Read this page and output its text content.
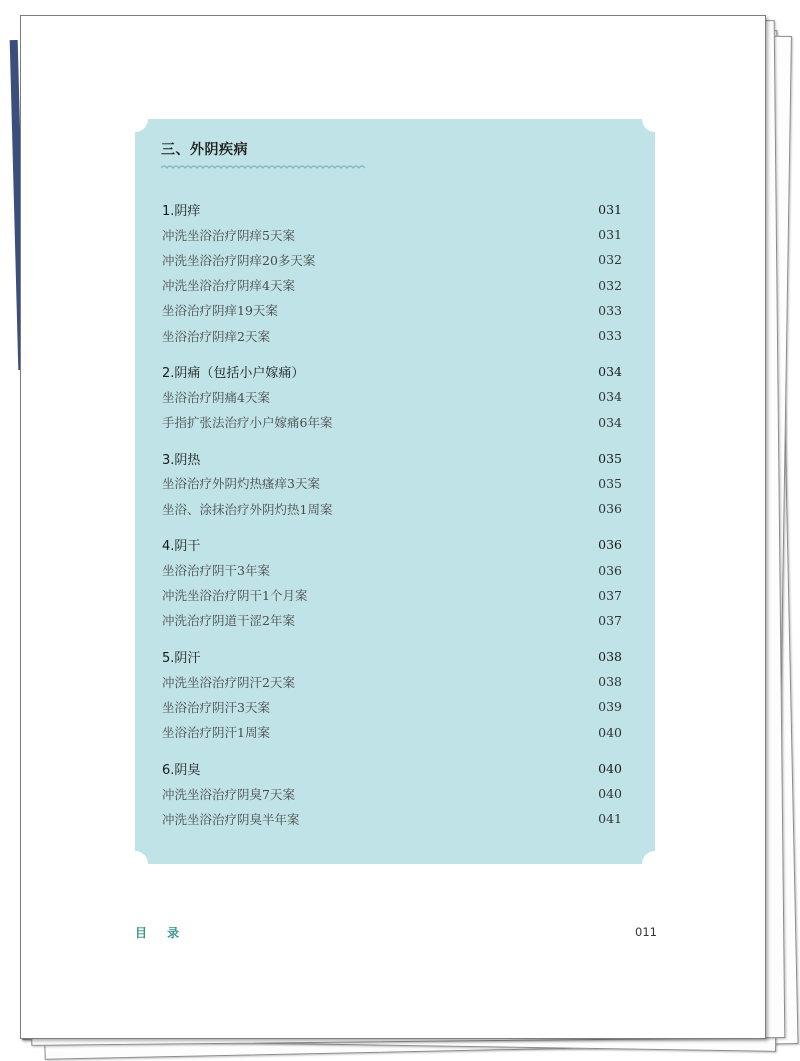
三、外阴疾病
1.阴痒	031
冲洗坐浴治疗阴痒5天案	031
冲洗坐浴治疗阴痒20多天案	032
冲洗坐浴治疗阴痒4天案	032
坐浴治疗阴痒19天案	033
坐浴治疗阴痒2天案	033
2.阴痛（包括小户嫁痛）	034
坐浴治疗阴痛4天案	034
手指扩张法治疗小户嫁痛6年案	034
3.阴热	035
坐浴治疗外阴灼热瘙痒3天案	035
坐浴、涂抹治疗外阴灼热1周案	036
4.阴干	036
坐浴治疗阴干3年案	036
冲洗坐浴治疗阴干1个月案	037
冲洗治疗阴道干涩2年案	037
5.阴汗	038
冲洗坐浴治疗阴汗2天案	038
坐浴治疗阴汗3天案	039
坐浴治疗阴汗1周案	040
6.阴臭	040
冲洗坐浴治疗阴臭7天案	040
冲洗坐浴治疗阴臭半年案	041
目 录	011
